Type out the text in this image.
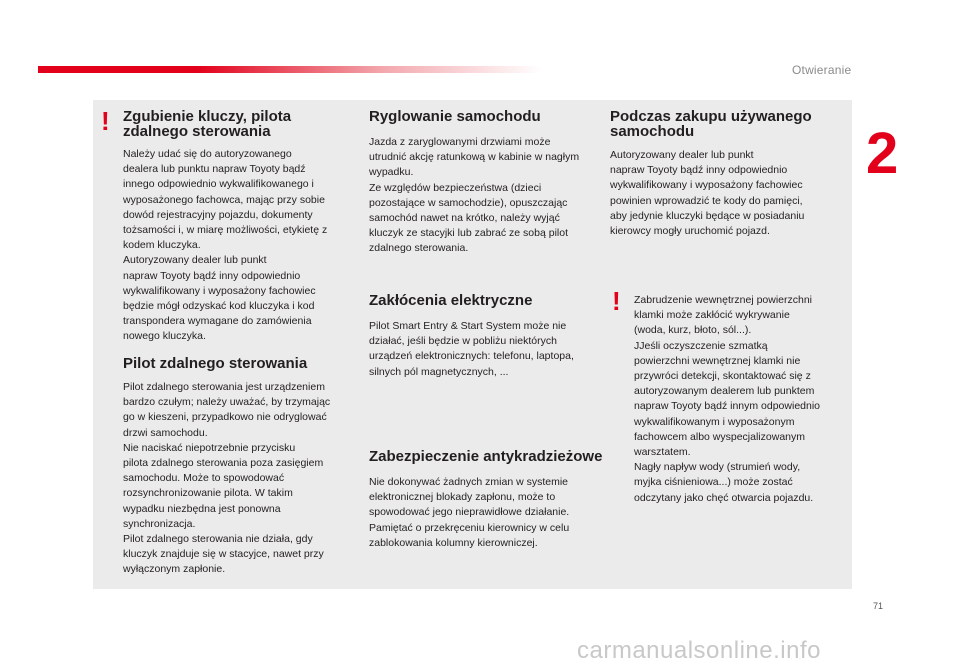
Otwieranie
2
! Zgubienie kluczy, pilota
zdalnego sterowania

Należy udać się do autoryzowanego
dealera lub punktu napraw Toyoty bądź
innego odpowiednio wykwalifikowanego i
wyposażonego fachowca, mając przy sobie
dowód rejestracyjny pojazdu, dokumenty
tożsamości i, w miarę możliwości, etykietę z
kodem kluczyka.
Autoryzowany dealer lub punkt
napraw Toyoty bądź inny odpowiednio
wykwalifikowany i wyposażony fachowiec
będzie mógł odzyskać kod kluczyka i kod
transpondera wymagane do zamówienia
nowego kluczyka.

Pilot zdalnego sterowania

Pilot zdalnego sterowania jest urządzeniem
bardzo czułym; należy uważać, by trzymając
go w kieszeni, przypadkowo nie odryglować
drzwi samochodu.
Nie naciskać niepotrzebnie przycisku
pilota zdalnego sterowania poza zasięgiem
samochodu. Może to spowodować
rozsynchronizowanie pilota. W takim
wypadku niezbędna jest ponowna
synchronizacja.
Pilot zdalnego sterowania nie działa, gdy
kluczyk znajduje się w stacyjce, nawet przy
wyłączonym zapłonie.

Ryglowanie samochodu

Jazda z zaryglowanymi drzwiami może
utrudnić akcję ratunkową w kabinie w nagłym
wypadku.
Ze względów bezpieczeństwa (dzieci
pozostające w samochodzie), opuszczając
samochód nawet na krótko, należy wyjąć
kluczyk ze stacyjki lub zabrać ze sobą pilot
zdalnego sterowania.

Zakłócenia elektryczne

Pilot Smart Entry & Start System może nie
działać, jeśli będzie w pobliżu niektórych
urządzeń elektronicznych: telefonu, laptopa,
silnych pól magnetycznych, ...

Zabezpieczenie antykradzieżowe

Nie dokonywać żadnych zmian w systemie
elektronicznej blokady zapłonu, może to
spowodować jego nieprawidłowe działanie.
Pamiętać o przekręceniu kierownicy w celu
zablokowania kolumny kierowniczej.

Podczas zakupu używanego
samochodu

Autoryzowany dealer lub punkt
napraw Toyoty bądź inny odpowiednio
wykwalifikowany i wyposażony fachowiec
powinien wprowadzić te kody do pamięci,
aby jedynie kluczyki będące w posiadaniu
kierowcy mogły uruchomić pojazd.

! Zabrudzenie wewnętrznej powierzchni
klamki może zakłócić wykrywanie
(woda, kurz, błoto, sól...).
JJeśli oczyszczenie szmatką
powierzchni wewnętrznej klamki nie
przywróci detekcji, skontaktować się z
autoryzowanym dealerem lub punktem
napraw Toyoty bądź innym odpowiednio
wykwalifikowanym i wyposażonym
fachowcem albo wyspecjalizowanym
warsztatem.
Nagły napływ wody (strumień wody,
myjka ciśnieniowa...) może zostać
odczytany jako chęć otwarcia pojazdu.

71
carmanualsonline.info
